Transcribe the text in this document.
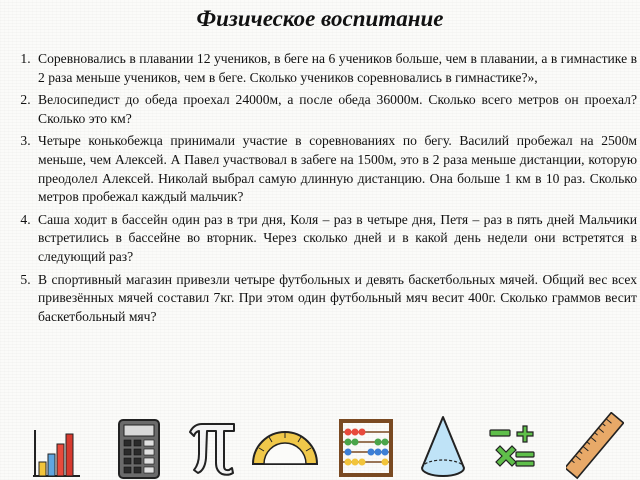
Физическое воспитание
1. Соревновались в плавании 12 учеников, в беге на 6 учеников больше, чем в плавании, а в гимнастике в 2 раза меньше учеников, чем в беге. Сколько учеников соревновались в гимнастике?»,
2. Велосипедист до обеда проехал 24000м, а после обеда 36000м. Сколько всего метров он проехал? Сколько это км?
3. Четыре конькобежца принимали участие в соревнованиях по бегу. Василий пробежал на 2500м меньше, чем Алексей. А Павел участвовал в забеге на 1500м, это в 2 раза меньше дистанции, которую преодолел Алексей. Николай выбрал самую длинную дистанцию. Она больше 1 км в 10 раз. Сколько метров пробежал каждый мальчик?
4. Саша ходит в бассейн один раз в три дня, Коля – раз в четыре дня, Петя – раз в пять дней Мальчики встретились в бассейне во вторник. Через сколько дней и в какой день недели они встретятся в следующий раз?
5. В спортивный магазин привезли четыре футбольных и девять баскетбольных мячей. Общий вес всех привезённых мячей составил 7кг. При этом один футбольный мяч весит 400г. Сколько граммов весит баскетбольный мяч?
